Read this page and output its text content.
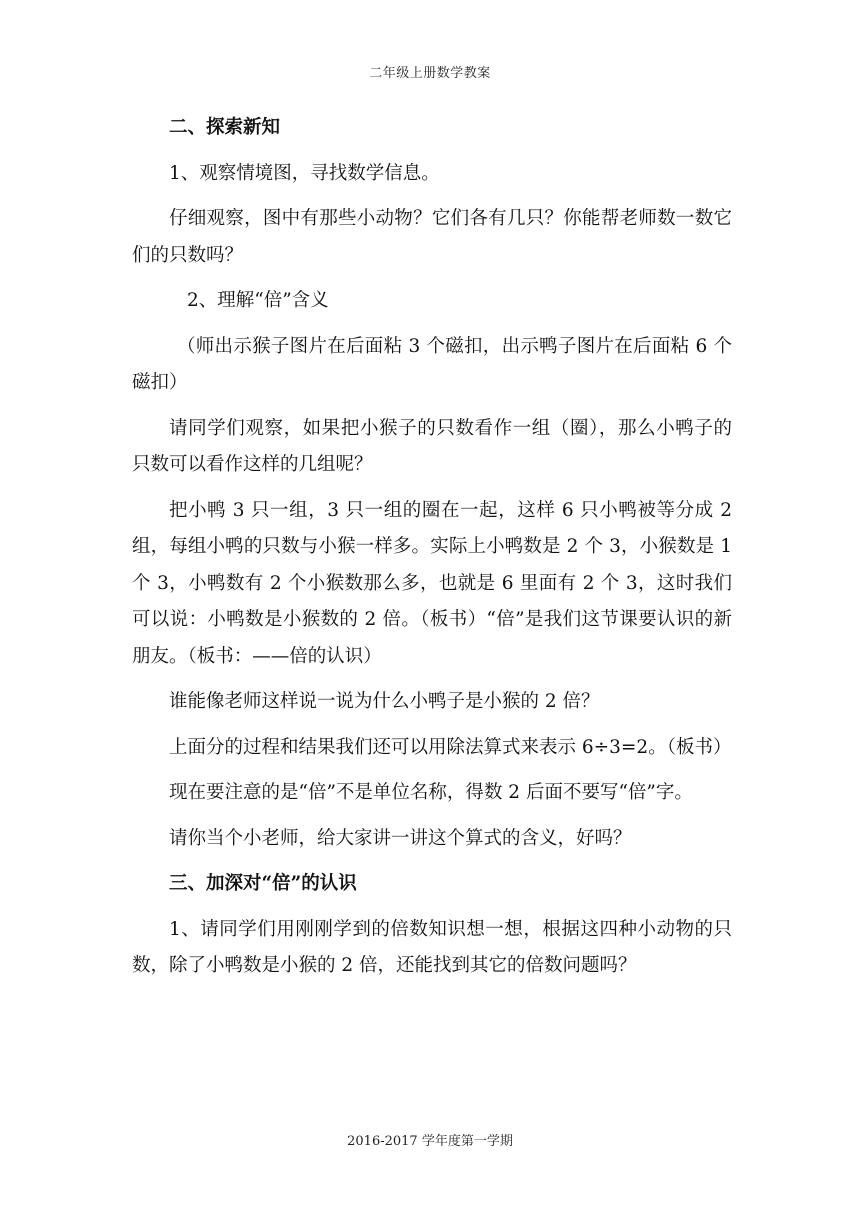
二年级上册数学教案

二、探索新知

1、观察情境图，寻找数学信息。

仔细观察，图中有那些小动物？它们各有几只？你能帮老师数一数它们的只数吗？

2、理解“倍”含义

（师出示猴子图片在后面粘 3 个磁扣，出示鸭子图片在后面粘 6 个磁扣）

请同学们观察，如果把小猴子的只数看作一组（圈），那么小鸭子的只数可以看作这样的几组呢？

把小鸭 3 只一组，3 只一组的圈在一起，这样 6 只小鸭被等分成 2 组，每组小鸭的只数与小猴一样多。实际上小鸭数是 2 个 3，小猴数是 1 个 3，小鸭数有 2 个小猴数那么多，也就是 6 里面有 2 个 3，这时我们可以说：小鸭数是小猴数的 2 倍。（板书）“倍”是我们这节课要认识的新朋友。（板书：——倍的认识）

谁能像老师这样说一说为什么小鸭子是小猴的 2 倍？

上面分的过程和结果我们还可以用除法算式来表示 6÷3=2。（板书）

现在要注意的是“倍”不是单位名称，得数 2 后面不要写“倍”字。

请你当个小老师，给大家讲一讲这个算式的含义，好吗？

三、加深对“倍”的认识

1、请同学们用刚刚学到的倍数知识想一想，根据这四种小动物的只数，除了小鸭数是小猴的 2 倍，还能找到其它的倍数问题吗？

2016-2017 学年度第一学期
